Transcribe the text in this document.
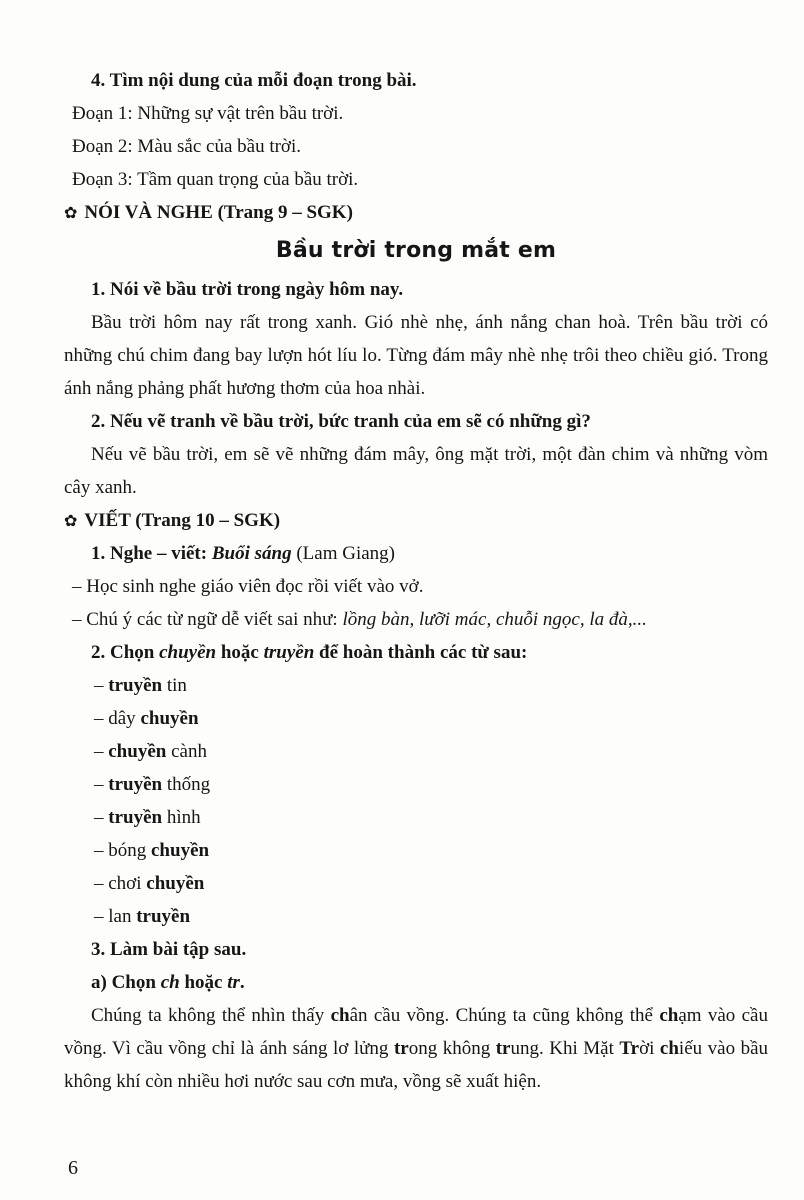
4. Tìm nội dung của mỗi đoạn trong bài.
Đoạn 1: Những sự vật trên bầu trời.
Đoạn 2: Màu sắc của bầu trời.
Đoạn 3: Tầm quan trọng của bầu trời.
✿ NÓI VÀ NGHE (Trang 9 – SGK)
Bầu trời trong mắt em
1. Nói về bầu trời trong ngày hôm nay.
Bầu trời hôm nay rất trong xanh. Gió nhè nhẹ, ánh nắng chan hoà. Trên bầu trời có những chú chim đang bay lượn hót líu lo. Từng đám mây nhè nhẹ trôi theo chiều gió. Trong ánh nắng phảng phất hương thơm của hoa nhài.
2. Nếu vẽ tranh về bầu trời, bức tranh của em sẽ có những gì?
Nếu vẽ bầu trời, em sẽ vẽ những đám mây, ông mặt trời, một đàn chim và những vòm cây xanh.
✿ VIẾT (Trang 10 – SGK)
1. Nghe – viết: Buổi sáng (Lam Giang)
– Học sinh nghe giáo viên đọc rồi viết vào vở.
– Chú ý các từ ngữ dễ viết sai như: lồng bàn, lưỡi mác, chuỗi ngọc, la đà,...
2. Chọn chuyền hoặc truyền để hoàn thành các từ sau:
– truyền tin
– dây chuyền
– chuyền cành
– truyền thống
– truyền hình
– bóng chuyền
– chơi chuyền
– lan truyền
3. Làm bài tập sau.
a) Chọn ch hoặc tr.
Chúng ta không thể nhìn thấy chân cầu vồng. Chúng ta cũng không thể chạm vào cầu vồng. Vì cầu vồng chỉ là ánh sáng lơ lửng trong không trung. Khi Mặt Trời chiếu vào bầu không khí còn nhiều hơi nước sau cơn mưa, vồng sẽ xuất hiện.
6
